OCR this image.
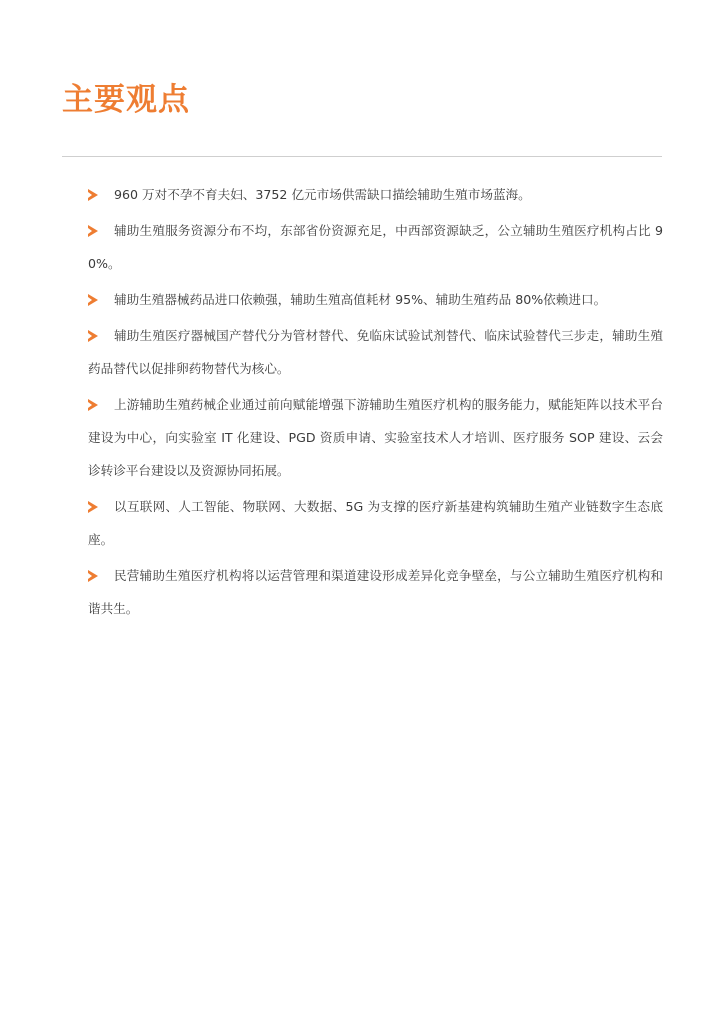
主要观点
960 万对不孕不育夫妇、3752 亿元市场供需缺口描绘辅助生殖市场蓝海。
辅助生殖服务资源分布不均，东部省份资源充足，中西部资源缺乏，公立辅助生殖医疗机构占比 90%。
辅助生殖器械药品进口依赖强，辅助生殖高值耗材 95%、辅助生殖药品 80%依赖进口。
辅助生殖医疗器械国产替代分为管材替代、免临床试验试剂替代、临床试验替代三步走，辅助生殖药品替代以促排卵药物替代为核心。
上游辅助生殖药械企业通过前向赋能增强下游辅助生殖医疗机构的服务能力，赋能矩阵以技术平台建设为中心，向实验室 IT 化建设、PGD 资质申请、实验室技术人才培训、医疗服务 SOP 建设、云会诊转诊平台建设以及资源协同拓展。
以互联网、人工智能、物联网、大数据、5G 为支撑的医疗新基建构筑辅助生殖产业链数字生态底座。
民营辅助生殖医疗机构将以运营管理和渠道建设形成差异化竞争壁垒，与公立辅助生殖医疗机构和谐共生。
